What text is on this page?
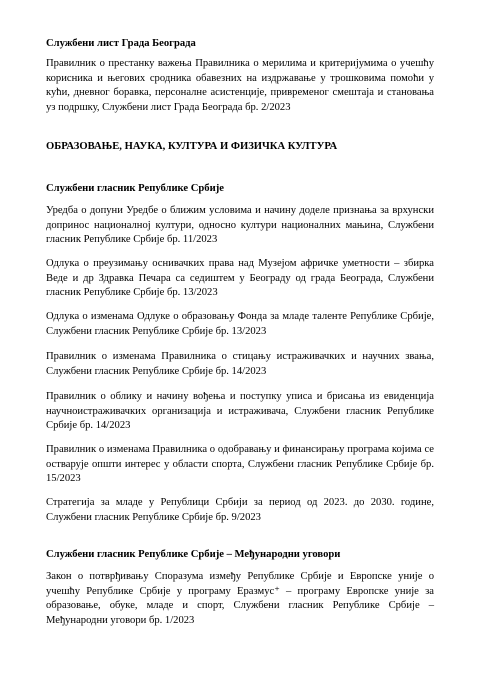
Службени лист Града Београда

Правилник о престанку важења Правилника о мерилима и критеријумима о учешћу корисника и његових сродника обавезних на издржавање у трошковима помоћи у кући, дневног боравка, персоналне асистенције, привременог смештаја и становања уз подршку, Службени лист Града Београда бр. 2/2023

ОБРАЗОВАЊЕ, НАУКА, КУЛТУРА И ФИЗИЧКА КУЛТУРА
Службени гласник Републике Србије

Уредба о допуни Уредбе о ближим условима и начину доделе признања за врхунски допринос националној култури, односно култури националних мањина, Службени гласник Републике Србије бр. 11/2023

Одлука о преузимању оснивачких права над Музејом афричке уметности – збирка Веде и др Здравка Печара са седиштем у Београду од града Београда, Службени гласник Републике Србије бр. 13/2023

Одлука о изменама Одлуке о образовању Фонда за младе таленте Републике Србије, Службени гласник Републике Србије бр. 13/2023

Правилник о изменама Правилника о стицању истраживачких и научних звања, Службени гласник Републике Србије бр. 14/2023

Правилник о облику и начину вођења и поступку уписа и брисања из евиденција научноистраживачких организација и истраживача, Службени гласник Републике Србије бр. 14/2023

Правилник о изменама Правилника о одобравању и финансирању програма којима се остварује општи интерес у области спорта, Службени гласник Републике Србије бр. 15/2023

Стратегија за младе у Републици Србији за период од 2023. до 2030. године, Службени гласник Републике Србије бр. 9/2023

Службени гласник Републике Србије – Међународни уговори

Закон о потврђивању Споразума између Републике Србије и Европске уније о учешћу Републике Србије у програму Еразмус⁺ – програму Европске уније за образовање, обуке, младе и спорт, Службени гласник Републике Србије – Међународни уговори бр. 1/2023
